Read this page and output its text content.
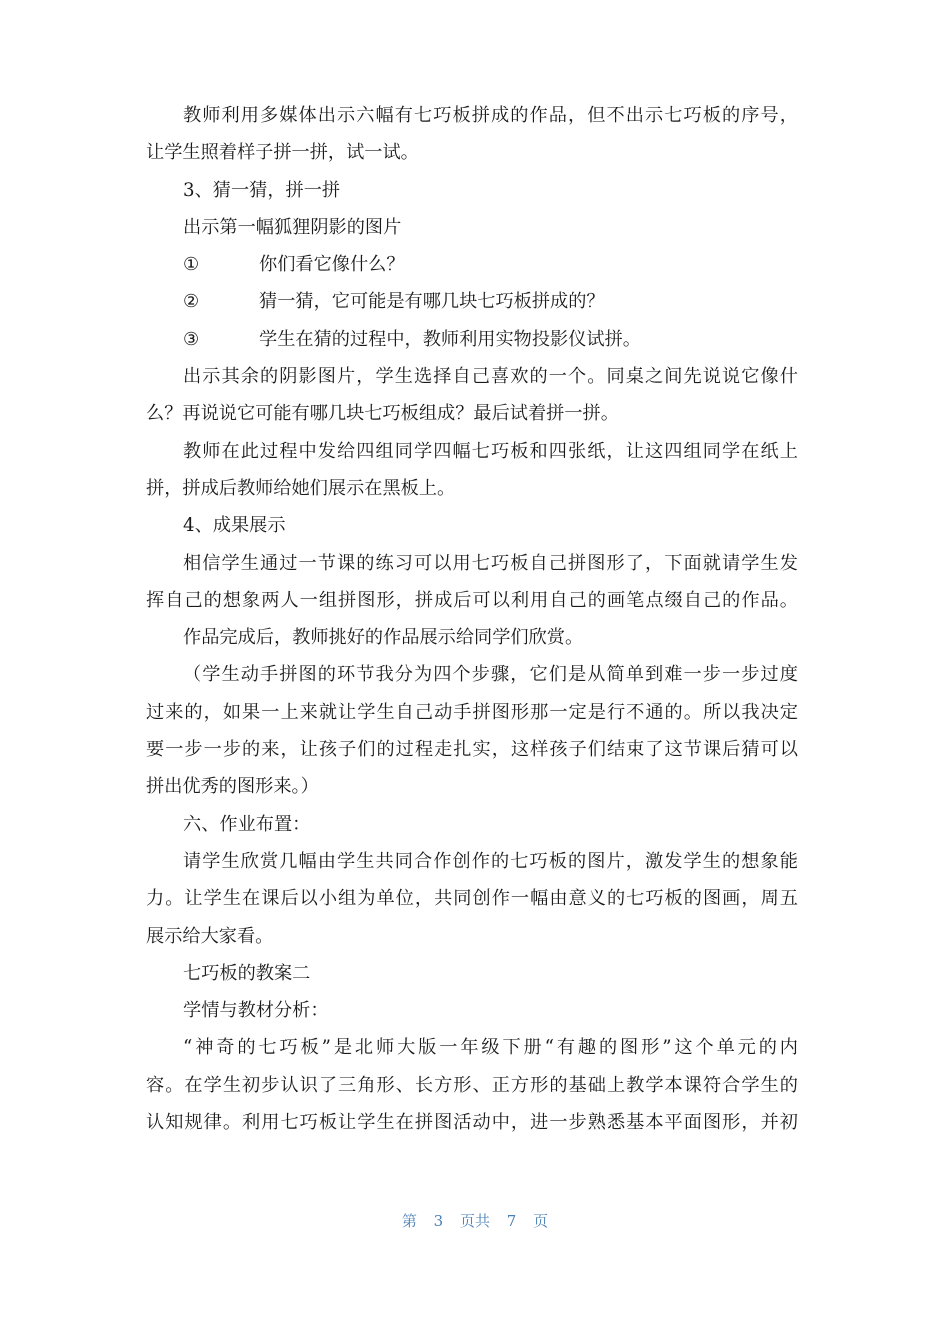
教师利用多媒体出示六幅有七巧板拼成的作品，但不出示七巧板的序号，
让学生照着样子拼一拼，试一试。
3、猜一猜，拼一拼
出示第一幅狐狸阴影的图片
①	你们看它像什么？
②	猜一猜，它可能是有哪几块七巧板拼成的？
③	学生在猜的过程中，教师利用实物投影仪试拼。
出示其余的阴影图片，学生选择自己喜欢的一个。同桌之间先说说它像什
么？再说说它可能有哪几块七巧板组成？最后试着拼一拼。
教师在此过程中发给四组同学四幅七巧板和四张纸，让这四组同学在纸上
拼，拼成后教师给她们展示在黑板上。
4、成果展示
相信学生通过一节课的练习可以用七巧板自己拼图形了，下面就请学生发
挥自己的想象两人一组拼图形，拼成后可以利用自己的画笔点缀自己的作品。
作品完成后，教师挑好的作品展示给同学们欣赏。
（学生动手拼图的环节我分为四个步骤，它们是从简单到难一步一步过度
过来的，如果一上来就让学生自己动手拼图形那一定是行不通的。所以我决定
要一步一步的来，让孩子们的过程走扎实，这样孩子们结束了这节课后猜可以
拼出优秀的图形来。）
六、作业布置：
请学生欣赏几幅由学生共同合作创作的七巧板的图片，激发学生的想象能
力。让学生在课后以小组为单位，共同创作一幅由意义的七巧板的图画，周五
展示给大家看。
七巧板的教案二
学情与教材分析：
“神奇的七巧板”是北师大版一年级下册“有趣的图形”这个单元的内
容。在学生初步认识了三角形、长方形、正方形的基础上教学本课符合学生的
认知规律。利用七巧板让学生在拼图活动中，进一步熟悉基本平面图形，并初
第 3 页共 7 页
